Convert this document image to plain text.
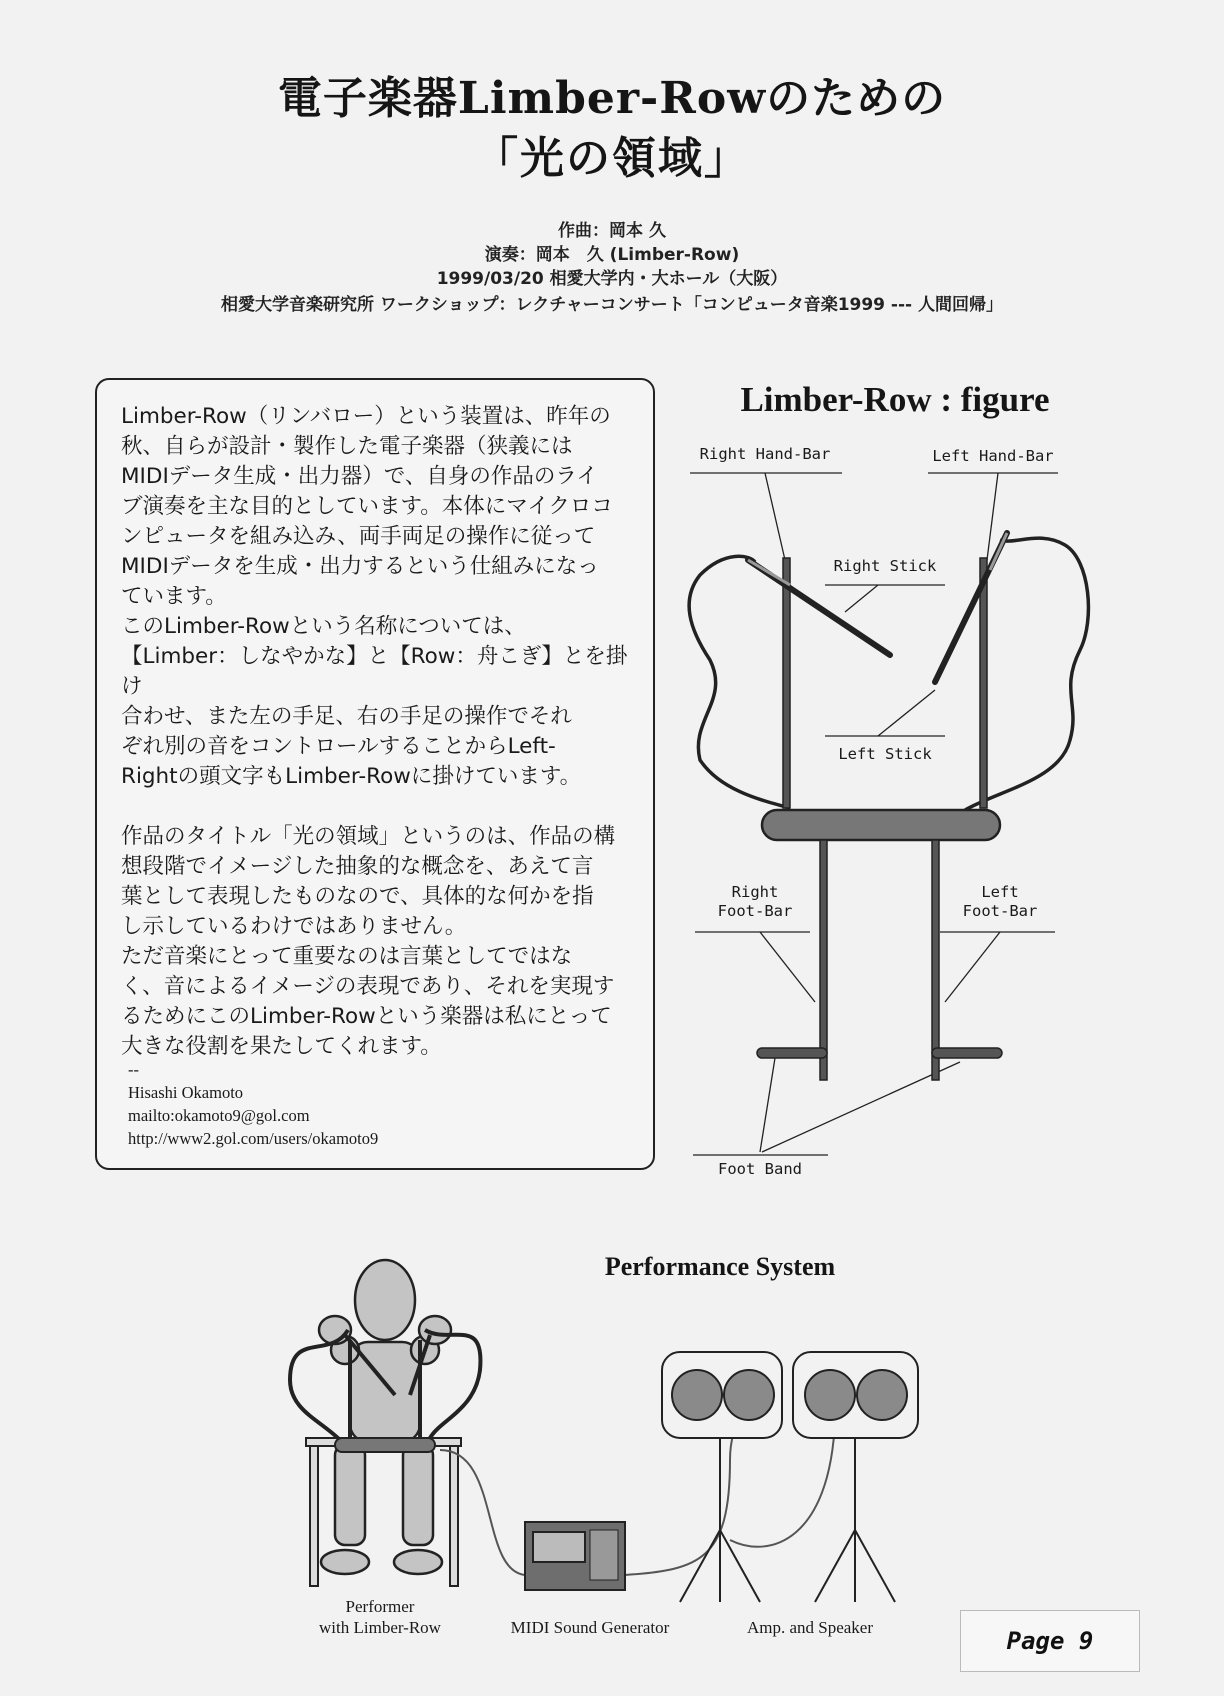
電子楽器Limber-Rowのための
「光の領域」
作曲：岡本 久
演奏：岡本　久 (Limber-Row)
1999/03/20 相愛大学内・大ホール（大阪）
相愛大学音楽研究所 ワークショップ：レクチャーコンサート「コンピュータ音楽1999 --- 人間回帰」
Limber-Row（リンバロー）という装置は、昨年の
秋、自らが設計・製作した電子楽器（狭義には
MIDIデータ生成・出力器）で、自身の作品のライ
ブ演奏を主な目的としています。本体にマイクロコ
ンピュータを組み込み、両手両足の操作に従って
MIDIデータを生成・出力するという仕組みになっ
ています。
このLimber-Rowという名称については、
【Limber：しなやかな】と【Row：舟こぎ】とを掛け
合わせ、また左の手足、右の手足の操作でそれ
ぞれ別の音をコントロールすることからLeft-
Rightの頭文字もLimber-Rowに掛けています。
作品のタイトル「光の領域」というのは、作品の構
想段階でイメージした抽象的な概念を、あえて言
葉として表現したものなので、具体的な何かを指
し示しているわけではありません。
ただ音楽にとって重要なのは言葉としてではな
く、音によるイメージの表現であり、それを実現す
るためにこのLimber-Rowという楽器は私にとって
大きな役割を果たしてくれます。
--
Hisashi Okamoto
mailto:okamoto9@gol.com
http://www2.gol.com/users/okamoto9
Limber-Row : figure
Right Hand-Bar	Left Hand-Bar
Right Stick
Left Stick
Right
Foot-Bar
Left
Foot-Bar
Foot Band
Performance System
Performer
with Limber-Row	MIDI Sound Generator	Amp. and Speaker	Page 9
